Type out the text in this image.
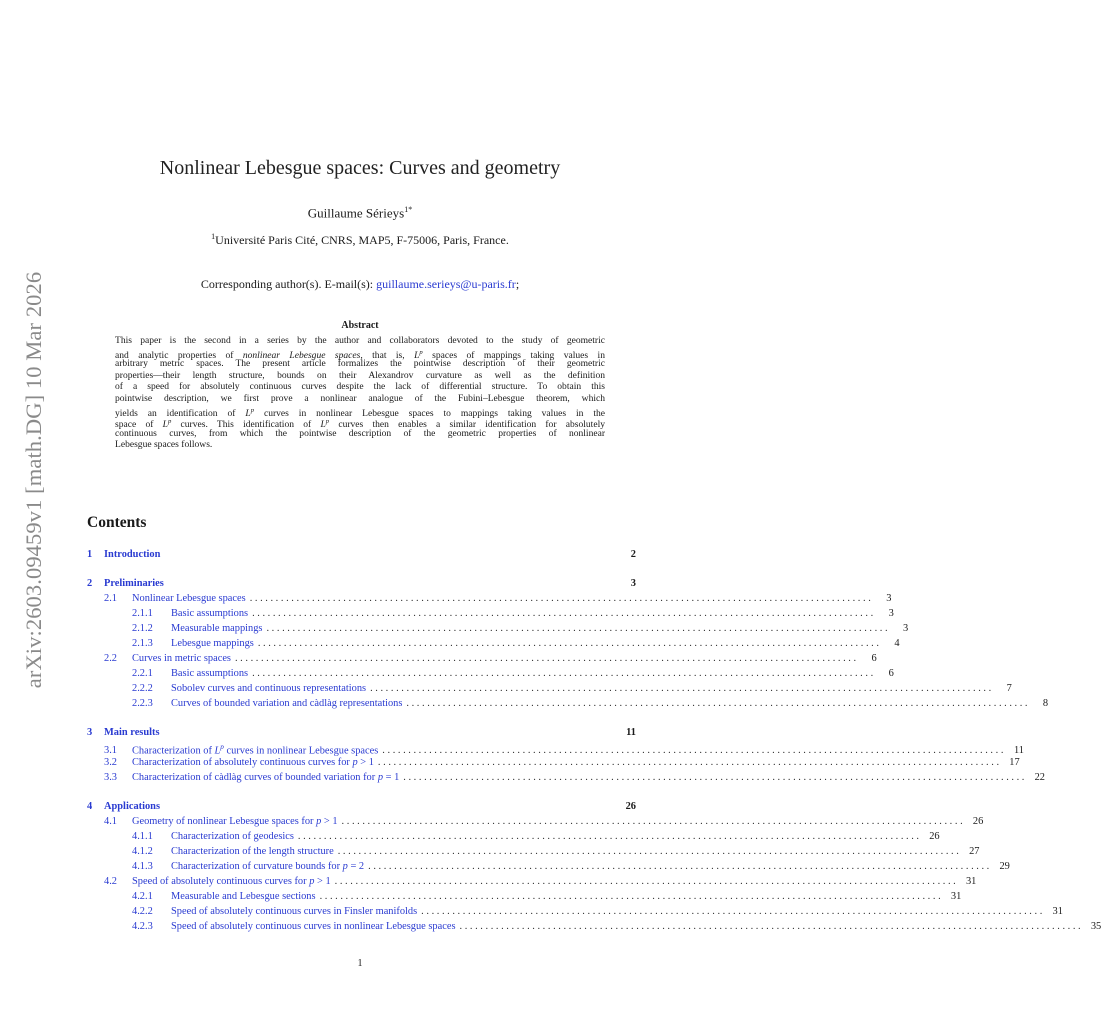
arXiv:2603.09459v1 [math.DG] 10 Mar 2026
Nonlinear Lebesgue spaces: Curves and geometry
Guillaume Sérieys$^{1*}$
$^1$Université Paris Cité, CNRS, MAP5, F-75006, Paris, France.
Corresponding author(s). E-mail(s): guillaume.serieys@u-paris.fr;
Abstract
This paper is the second in a series by the author and collaborators devoted to the study of geometric
and analytic properties of nonlinear Lebesgue spaces, that is, $L^p$ spaces of mappings taking values in
arbitrary metric spaces. The present article formalizes the pointwise description of their geometric
properties—their length structure, bounds on their Alexandrov curvature as well as the definition
of a speed for absolutely continuous curves despite the lack of differential structure. To obtain this
pointwise description, we first prove a nonlinear analogue of the Fubini–Lebesgue theorem, which
yields an identification of $L^p$ curves in nonlinear Lebesgue spaces to mappings taking values in the
space of $L^p$ curves. This identification of $L^p$ curves then enables a similar identification for absolutely
continuous curves, from which the pointwise description of the geometric properties of nonlinear
Lebesgue spaces follows.
Contents
1	Introduction	2
2	Preliminaries	3
2.1	Nonlinear Lebesgue spaces ........................................................................................................................	3
2.1.1	Basic assumptions ........................................................................................................................	3
2.1.2	Measurable mappings ........................................................................................................................	3
2.1.3	Lebesgue mappings ........................................................................................................................	4
2.2	Curves in metric spaces ........................................................................................................................	6
2.2.1	Basic assumptions ........................................................................................................................	6
2.2.2	Sobolev curves and continuous representations ........................................................................................................................	7
2.2.3	Curves of bounded variation and càdlàg representations ........................................................................................................................	8
3	Main results	11
3.1	Characterization of $L^p$ curves in nonlinear Lebesgue spaces ........................................................................................................................ 11
3.2	Characterization of absolutely continuous curves for p > 1 ........................................................................................................................ 17
3.3	Characterization of càdlàg curves of bounded variation for p = 1 ........................................................................................................................ 22
4	Applications	26
4.1	Geometry of nonlinear Lebesgue spaces for p > 1 ........................................................................................................................ 26
4.1.1	Characterization of geodesics ........................................................................................................................ 26
4.1.2	Characterization of the length structure ........................................................................................................................ 27
4.1.3	Characterization of curvature bounds for p = 2 ........................................................................................................................ 29
4.2	Speed of absolutely continuous curves for p > 1 ........................................................................................................................ 31
4.2.1	Measurable and Lebesgue sections ........................................................................................................................ 31
4.2.2	Speed of absolutely continuous curves in Finsler manifolds ........................................................................................................................ 31
4.2.3	Speed of absolutely continuous curves in nonlinear Lebesgue spaces ........................................................................................................................ 35
1
